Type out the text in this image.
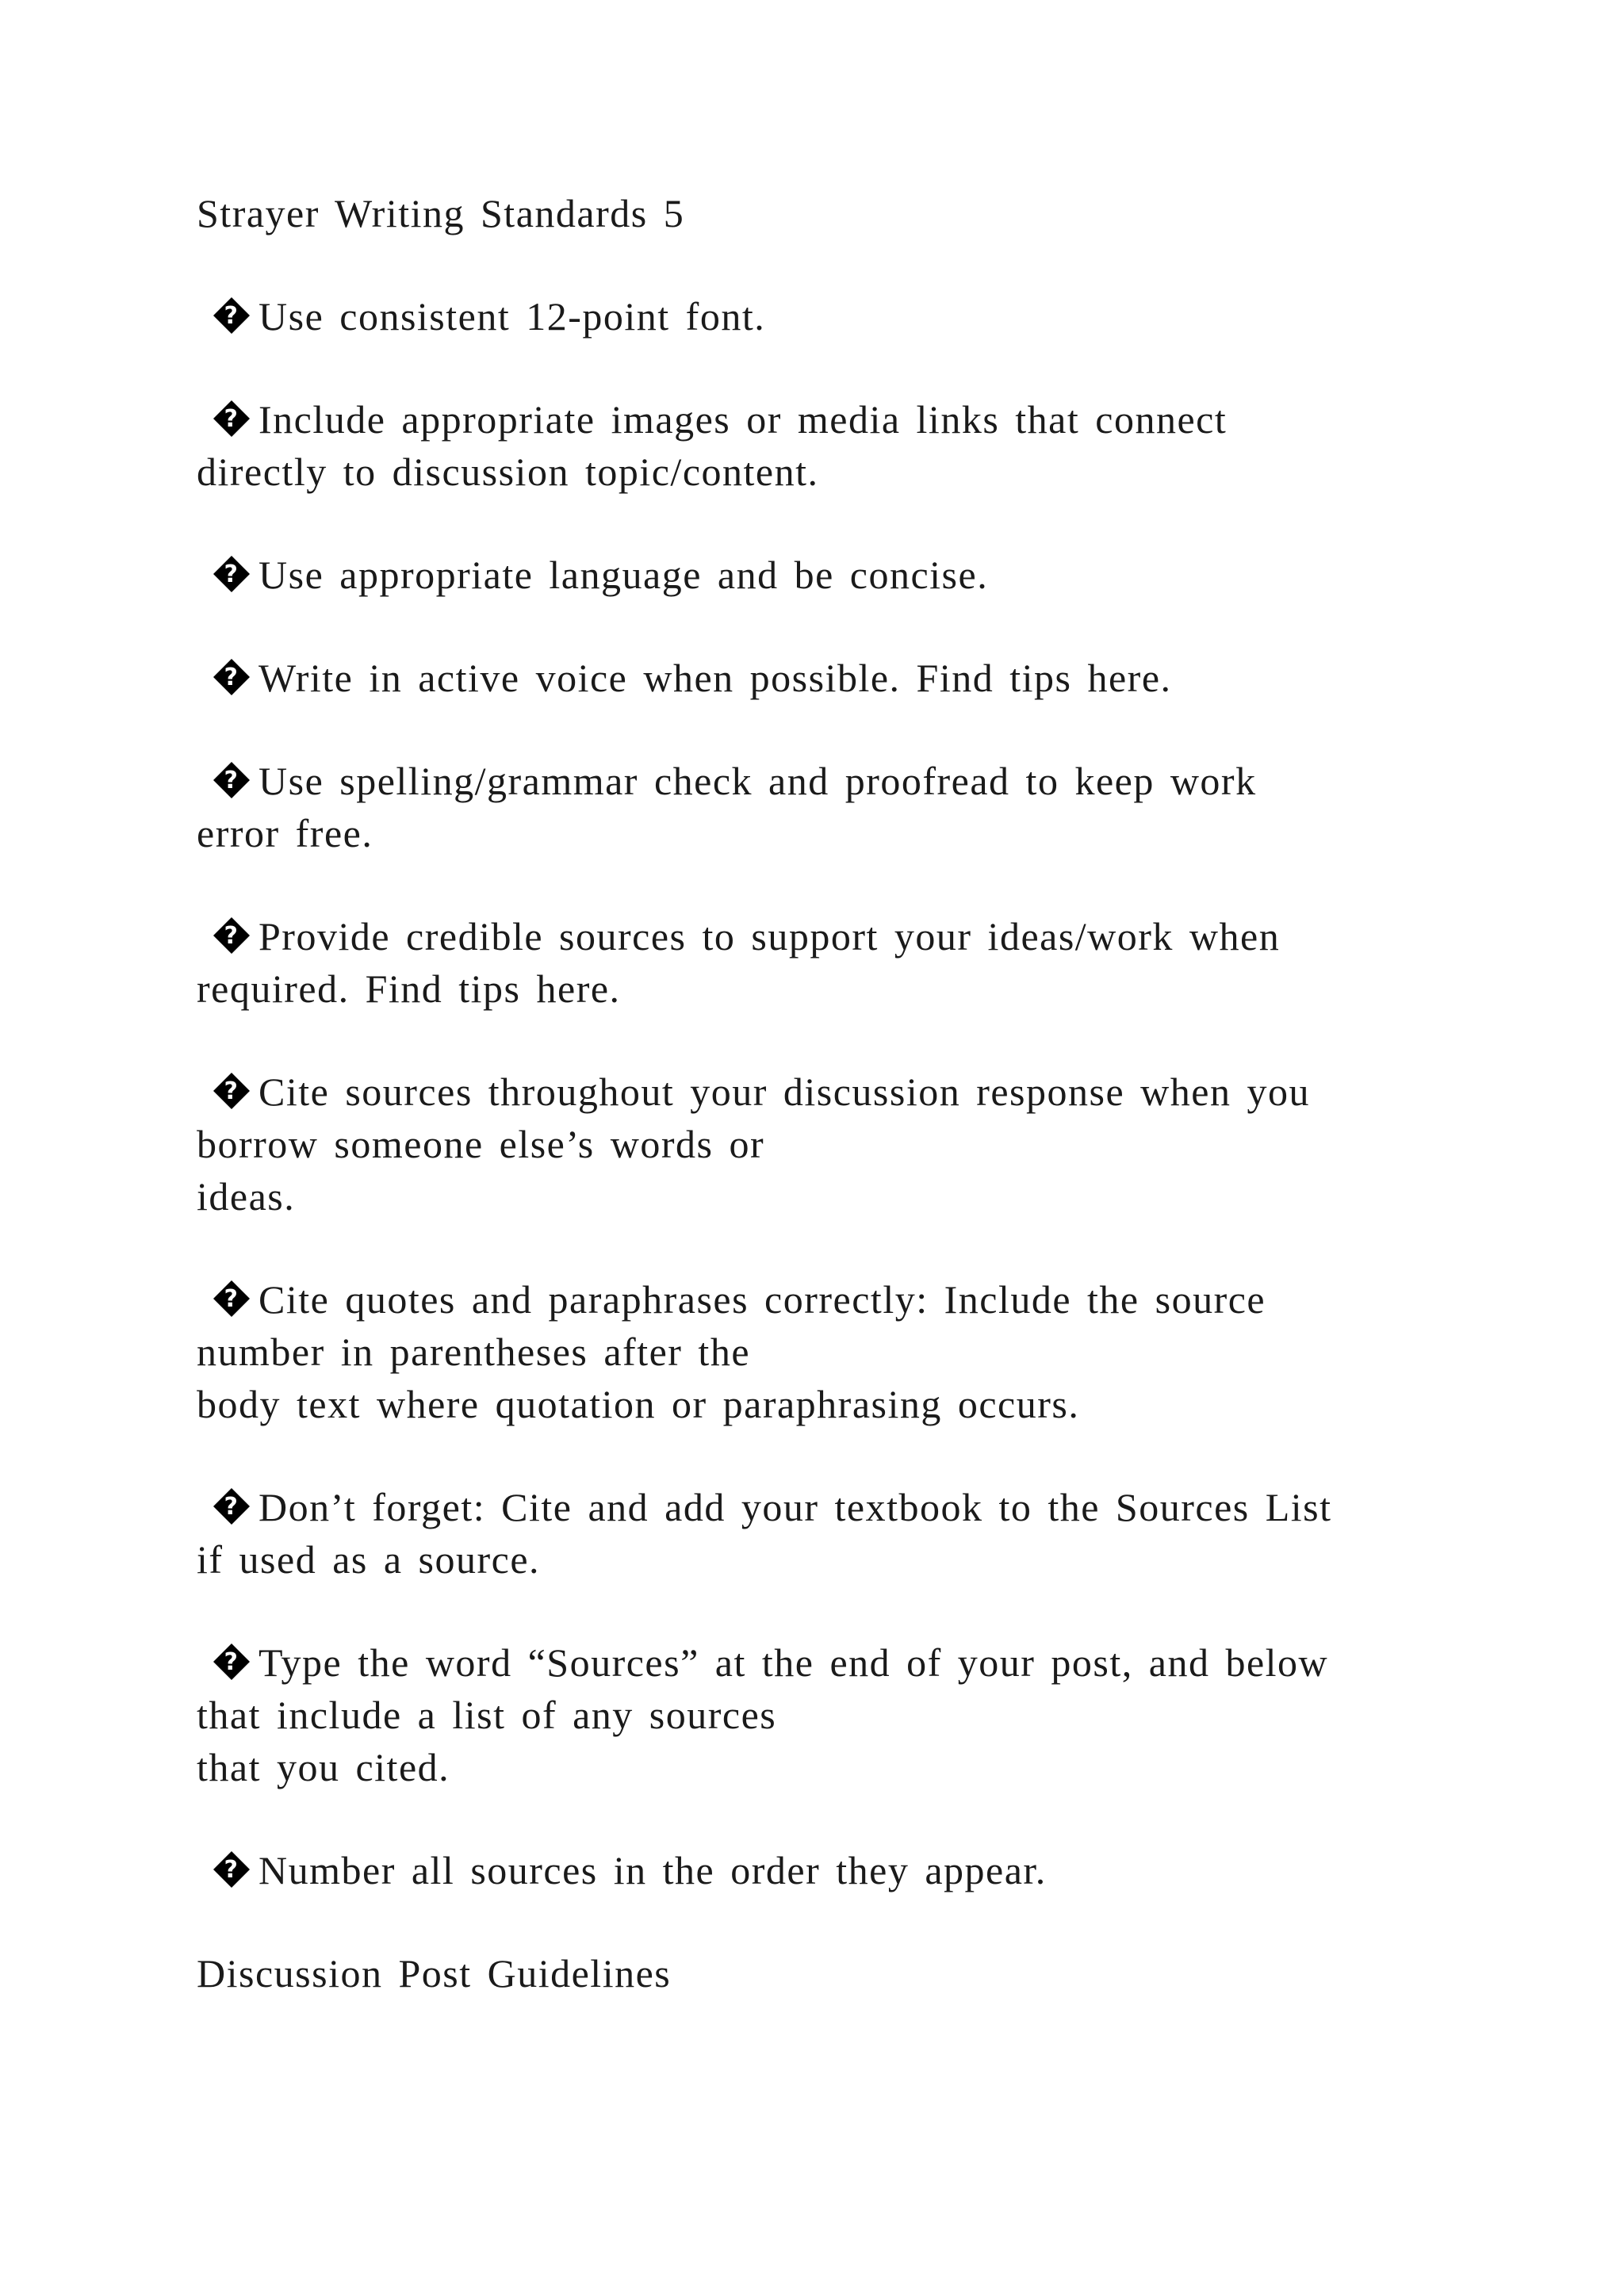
Strayer Writing Standards 5

? Use consistent 12-point font.

? Include appropriate images or media links that connect
directly to discussion topic/content.

? Use appropriate language and be concise.

? Write in active voice when possible. Find tips here.

? Use spelling/grammar check and proofread to keep work
error free.

? Provide credible sources to support your ideas/work when
required. Find tips here.

? Cite sources throughout your discussion response when you
borrow someone else’s words or
ideas.

? Cite quotes and paraphrases correctly: Include the source
number in parentheses after the
body text where quotation or paraphrasing occurs.

? Don’t forget: Cite and add your textbook to the Sources List
if used as a source.

? Type the word “Sources” at the end of your post, and below
that include a list of any sources
that you cited.

? Number all sources in the order they appear.

Discussion Post Guidelines
